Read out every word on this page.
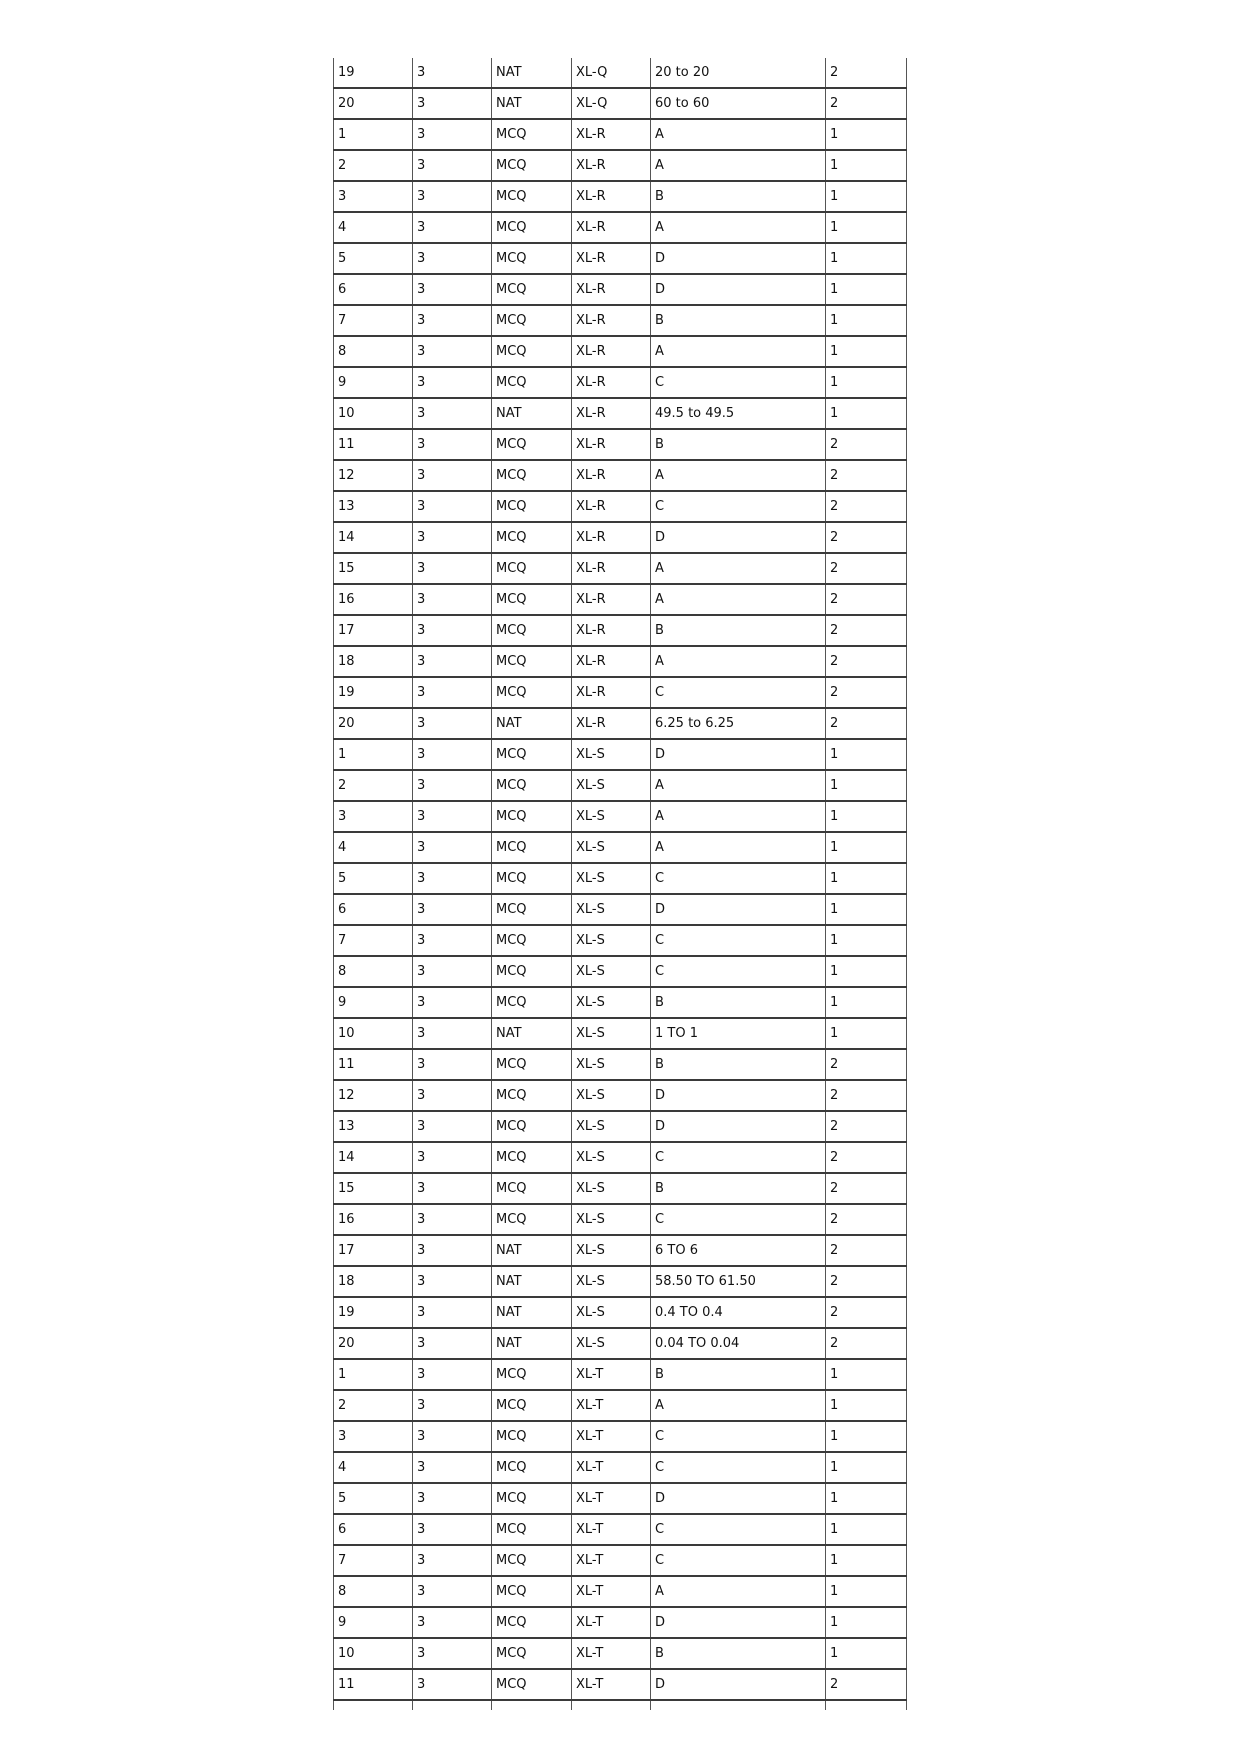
19	3	NAT	XL-Q	20 to 20	2
20	3	NAT	XL-Q	60 to 60	2
1	3	MCQ	XL-R	A	1
2	3	MCQ	XL-R	A	1
3	3	MCQ	XL-R	B	1
4	3	MCQ	XL-R	A	1
5	3	MCQ	XL-R	D	1
6	3	MCQ	XL-R	D	1
7	3	MCQ	XL-R	B	1
8	3	MCQ	XL-R	A	1
9	3	MCQ	XL-R	C	1
10	3	NAT	XL-R	49.5 to 49.5	1
11	3	MCQ	XL-R	B	2
12	3	MCQ	XL-R	A	2
13	3	MCQ	XL-R	C	2
14	3	MCQ	XL-R	D	2
15	3	MCQ	XL-R	A	2
16	3	MCQ	XL-R	A	2
17	3	MCQ	XL-R	B	2
18	3	MCQ	XL-R	A	2
19	3	MCQ	XL-R	C	2
20	3	NAT	XL-R	6.25 to 6.25	2
1	3	MCQ	XL-S	D	1
2	3	MCQ	XL-S	A	1
3	3	MCQ	XL-S	A	1
4	3	MCQ	XL-S	A	1
5	3	MCQ	XL-S	C	1
6	3	MCQ	XL-S	D	1
7	3	MCQ	XL-S	C	1
8	3	MCQ	XL-S	C	1
9	3	MCQ	XL-S	B	1
10	3	NAT	XL-S	1 TO 1	1
11	3	MCQ	XL-S	B	2
12	3	MCQ	XL-S	D	2
13	3	MCQ	XL-S	D	2
14	3	MCQ	XL-S	C	2
15	3	MCQ	XL-S	B	2
16	3	MCQ	XL-S	C	2
17	3	NAT	XL-S	6 TO 6	2
18	3	NAT	XL-S	58.50 TO 61.50	2
19	3	NAT	XL-S	0.4 TO 0.4	2
20	3	NAT	XL-S	0.04 TO 0.04	2
1	3	MCQ	XL-T	B	1
2	3	MCQ	XL-T	A	1
3	3	MCQ	XL-T	C	1
4	3	MCQ	XL-T	C	1
5	3	MCQ	XL-T	D	1
6	3	MCQ	XL-T	C	1
7	3	MCQ	XL-T	C	1
8	3	MCQ	XL-T	A	1
9	3	MCQ	XL-T	D	1
10	3	MCQ	XL-T	B	1
11	3	MCQ	XL-T	D	2
